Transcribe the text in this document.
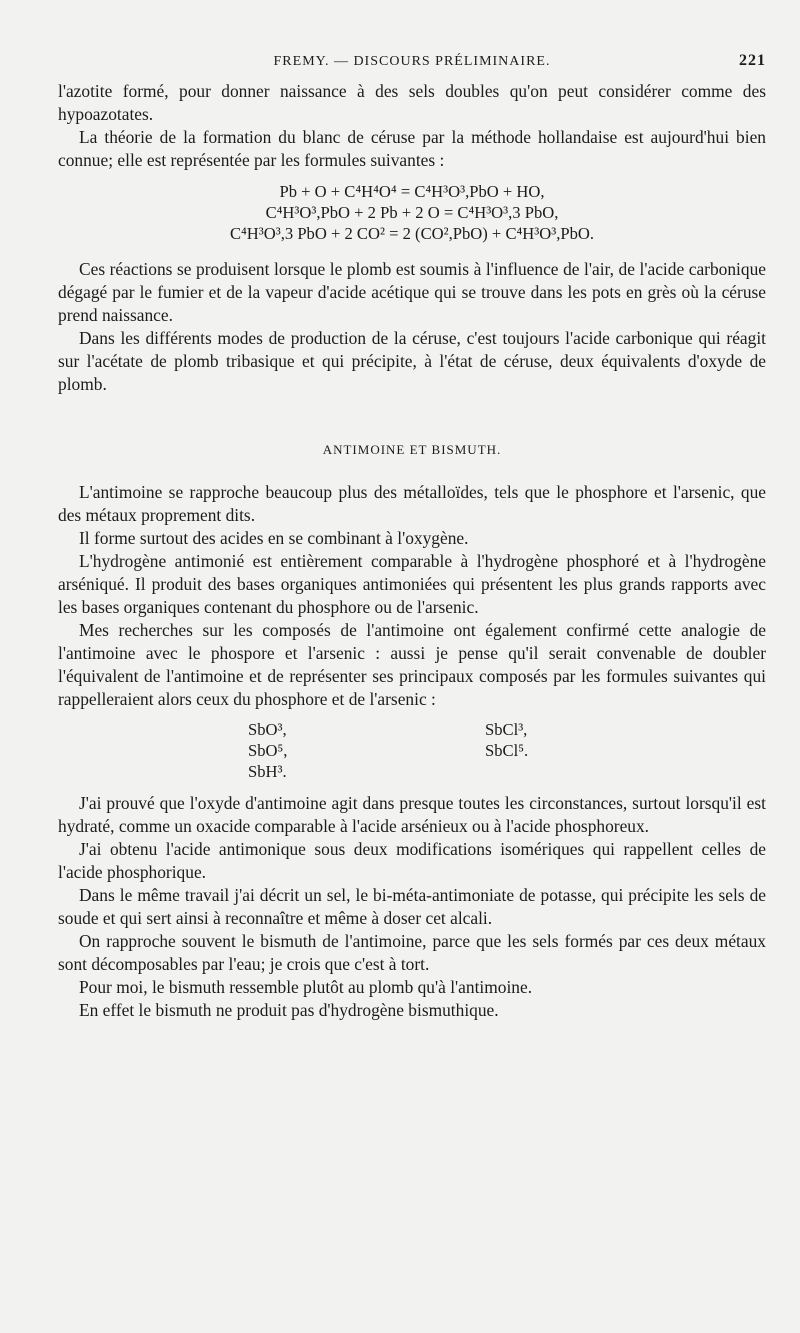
FREMY. — DISCOURS PRÉLIMINAIRE.	221

l'azotite formé, pour donner naissance à des sels doubles qu'on peut considérer comme des hypoazotates.

La théorie de la formation du blanc de céruse par la méthode hollandaise est aujourd'hui bien connue; elle est représentée par les formules suivantes :

Pb + O + C⁴H⁴O⁴ = C⁴H³O³,PbO + HO,
C⁴H³O³,PbO + 2 Pb + 2 O = C⁴H³O³,3 PbO,
C⁴H³O³,3 PbO + 2 CO² = 2 (CO²,PbO) + C⁴H³O³,PbO.

Ces réactions se produisent lorsque le plomb est soumis à l'influence de l'air, de l'acide carbonique dégagé par le fumier et de la vapeur d'acide acétique qui se trouve dans les pots en grès où la céruse prend naissance.

Dans les différents modes de production de la céruse, c'est toujours l'acide carbonique qui réagit sur l'acétate de plomb tribasique et qui précipite, à l'état de céruse, deux équivalents d'oxyde de plomb.

ANTIMOINE ET BISMUTH.

L'antimoine se rapproche beaucoup plus des métalloïdes, tels que le phosphore et l'arsenic, que des métaux proprement dits.

Il forme surtout des acides en se combinant à l'oxygène.

L'hydrogène antimonié est entièrement comparable à l'hydrogène phosphoré et à l'hydrogène arséniqué. Il produit des bases organiques antimoniées qui présentent les plus grands rapports avec les bases organiques contenant du phosphore ou de l'arsenic.

Mes recherches sur les composés de l'antimoine ont également confirmé cette analogie de l'antimoine avec le phospore et l'arsenic : aussi je pense qu'il serait convenable de doubler l'équivalent de l'antimoine et de représenter ses principaux composés par les formules suivantes qui rappelleraient alors ceux du phosphore et de l'arsenic :

SbO³,	SbCl³,
SbO⁵,	SbCl⁵.
SbH³.

J'ai prouvé que l'oxyde d'antimoine agit dans presque toutes les circonstances, surtout lorsqu'il est hydraté, comme un oxacide comparable à l'acide arsénieux ou à l'acide phosphoreux.

J'ai obtenu l'acide antimonique sous deux modifications isomériques qui rappellent celles de l'acide phosphorique.

Dans le même travail j'ai décrit un sel, le bi-méta-antimoniate de potasse, qui précipite les sels de soude et qui sert ainsi à reconnaître et même à doser cet alcali.

On rapproche souvent le bismuth de l'antimoine, parce que les sels formés par ces deux métaux sont décomposables par l'eau; je crois que c'est à tort.

Pour moi, le bismuth ressemble plutôt au plomb qu'à l'antimoine.

En effet le bismuth ne produit pas d'hydrogène bismuthique.
